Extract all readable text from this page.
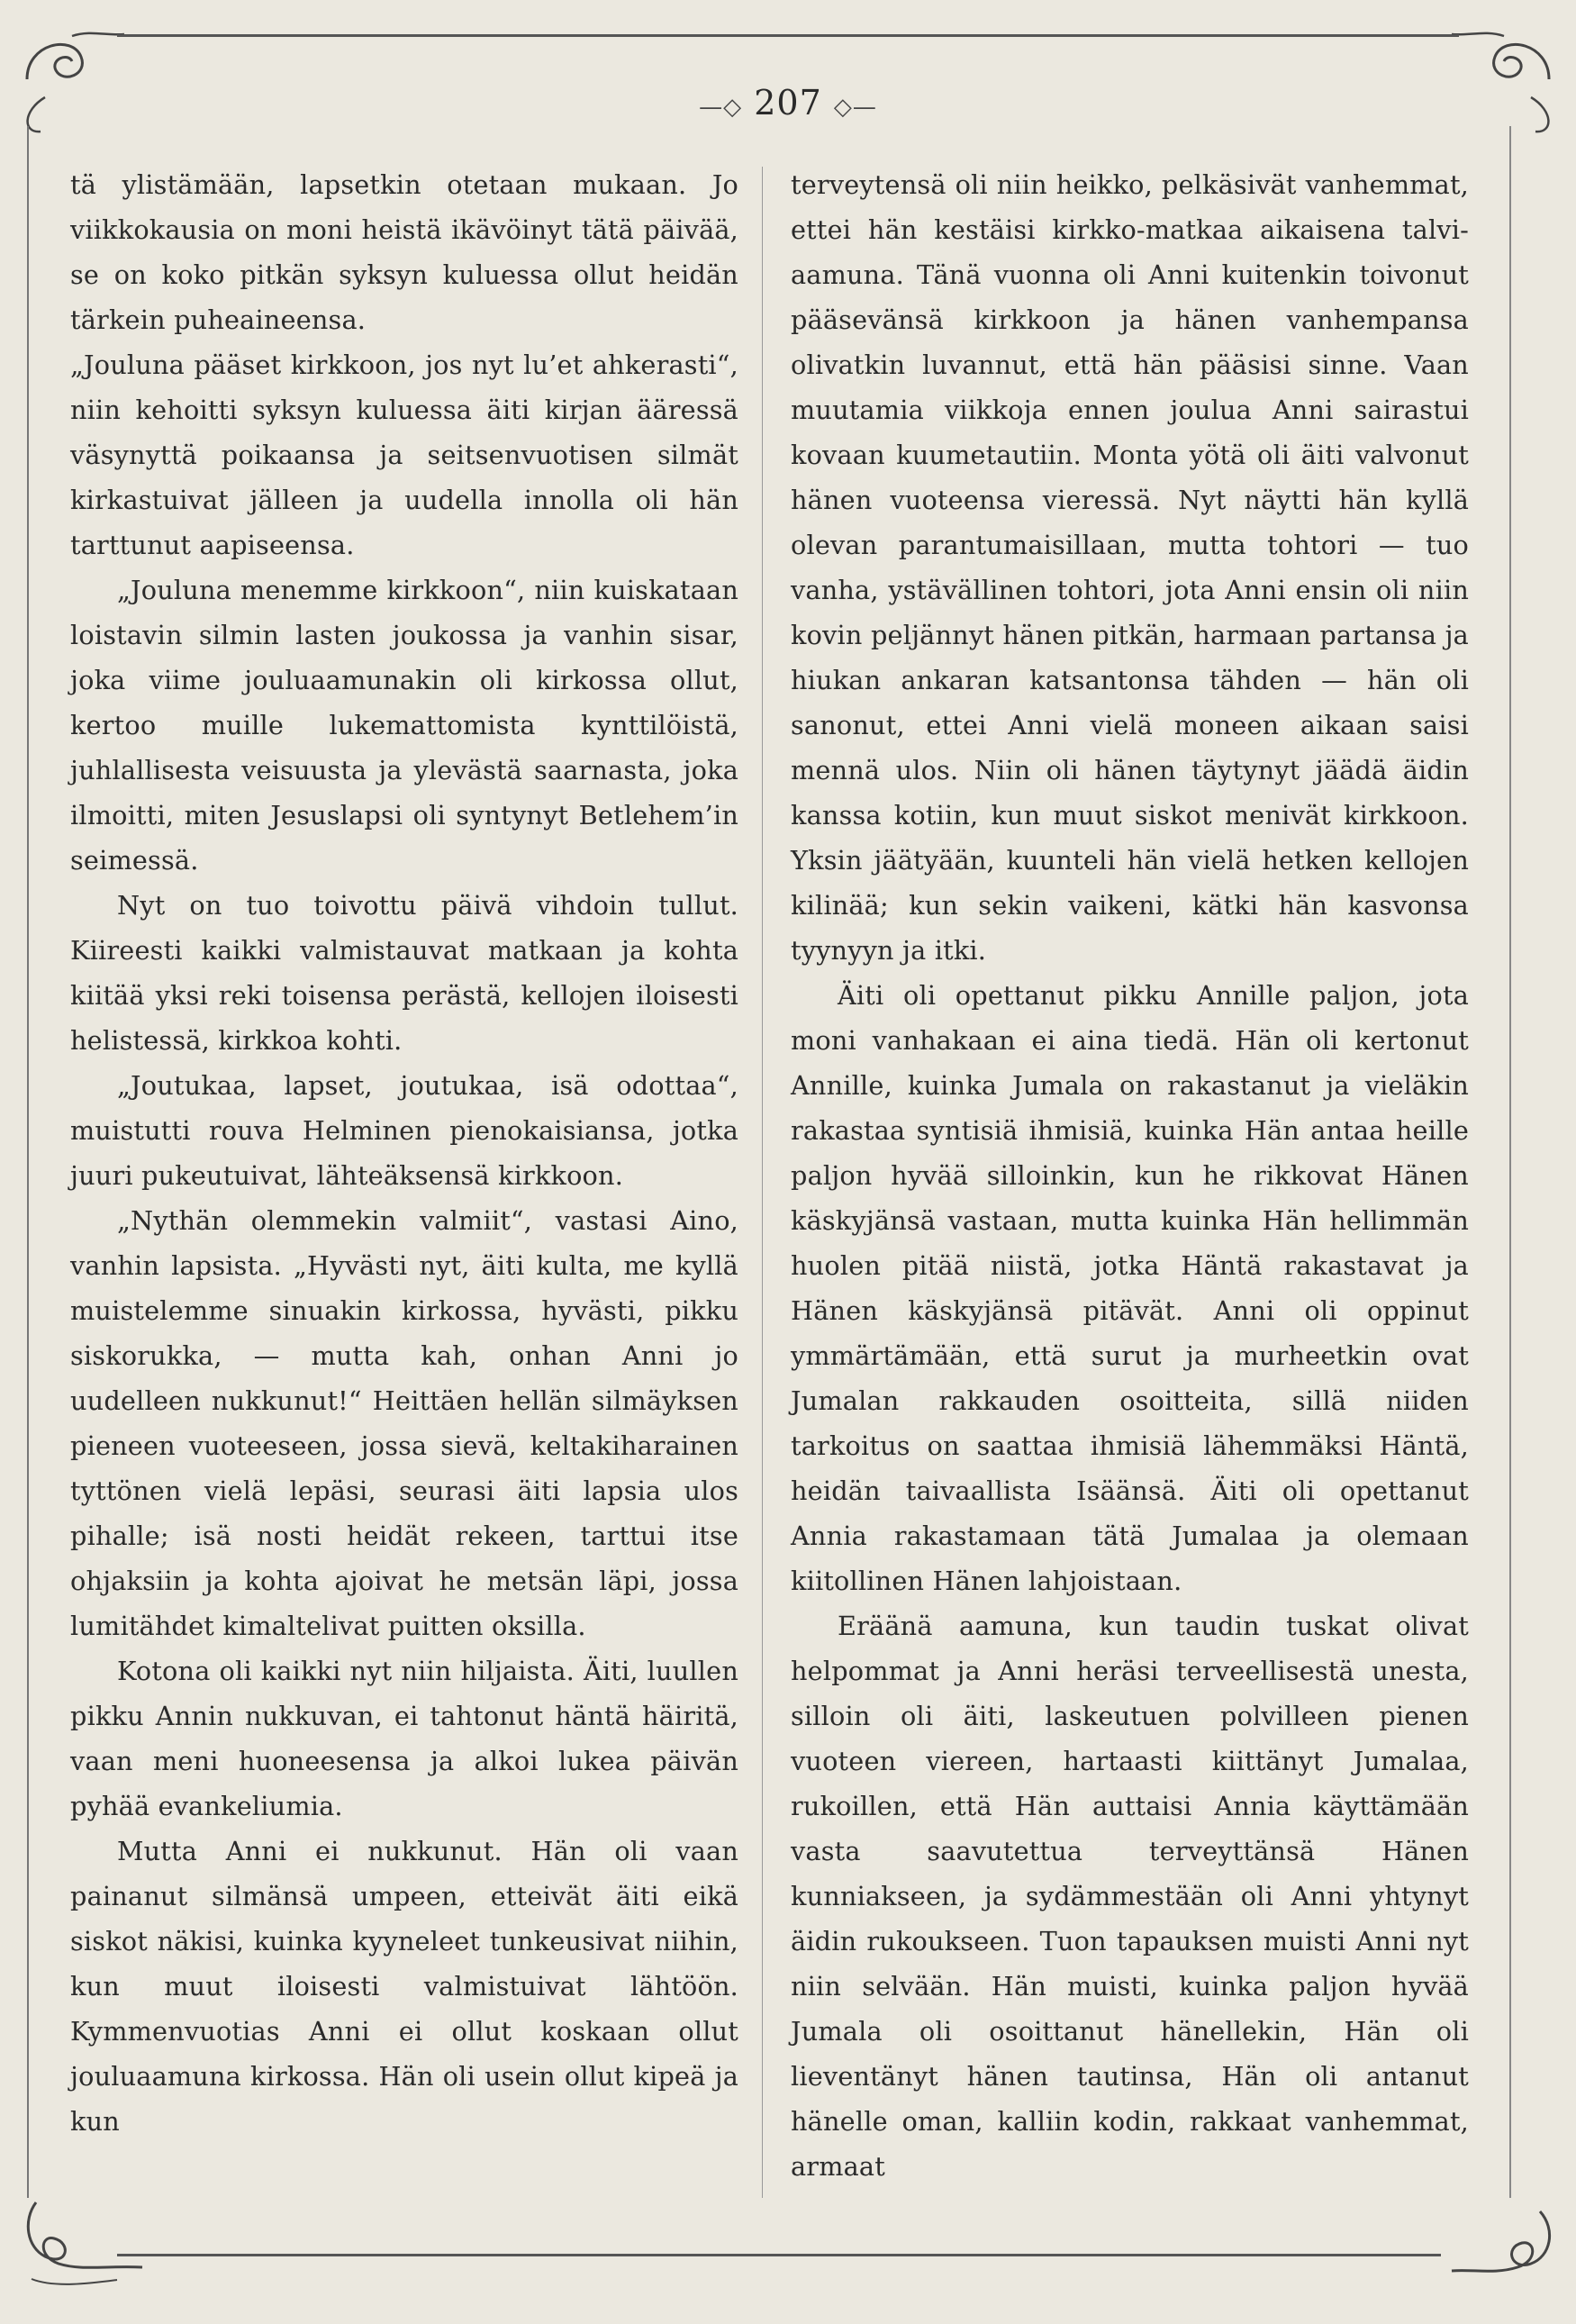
—◇ 207 ◇—

tä ylistämään, lapsetkin otetaan mukaan. Jo viikkokausia on moni heistä ikävöinyt tätä päivää, se on koko pitkän syksyn kuluessa ollut heidän tärkein puheaineensa.

„Jouluna pääset kirkkoon, jos nyt lu’et ahkerasti“, niin kehoitti syksyn kuluessa äiti kirjan ääressä väsynyttä poikaansa ja seitsenvuotisen silmät kirkastuivat jälleen ja uudella innolla oli hän tarttunut aapiseensa.

„Jouluna menemme kirkkoon“, niin kuiskataan loistavin silmin lasten joukossa ja vanhin sisar, joka viime jouluaamunakin oli kirkossa ollut, kertoo muille lukemattomista kynttilöistä, juhlallisesta veisuusta ja ylevästä saarnasta, joka ilmoitti, miten Jesuslapsi oli syntynyt Betlehem’in seimessä.

Nyt on tuo toivottu päivä vihdoin tullut. Kiireesti kaikki valmistauvat matkaan ja kohta kiitää yksi reki toisensa perästä, kellojen iloisesti helistessä, kirkkoa kohti.

„Joutukaa, lapset, joutukaa, isä odottaa“, muistutti rouva Helminen pienokaisiansa, jotka juuri pukeutuivat, lähteäksensä kirkkoon.

„Nythän olemmekin valmiit“, vastasi Aino, vanhin lapsista. „Hyvästi nyt, äiti kulta, me kyllä muistelemme sinuakin kirkossa, hyvästi, pikku siskorukka, — mutta kah, onhan Anni jo uudelleen nukkunut!“ Heittäen hellän silmäyksen pieneen vuoteeseen, jossa sievä, keltakiharainen tyttönen vielä lepäsi, seurasi äiti lapsia ulos pihalle; isä nosti heidät rekeen, tarttui itse ohjaksiin ja kohta ajoivat he metsän läpi, jossa lumitähdet kimaltelivat puitten oksilla.

Kotona oli kaikki nyt niin hiljaista. Äiti, luullen pikku Annin nukkuvan, ei tahtonut häntä häiritä, vaan meni huoneesensa ja alkoi lukea päivän pyhää evankeliumia.

Mutta Anni ei nukkunut. Hän oli vaan painanut silmänsä umpeen, etteivät äiti eikä siskot näkisi, kuinka kyyneleet tunkeusivat niihin, kun muut iloisesti valmistuivat lähtöön. Kymmenvuotias Anni ei ollut koskaan ollut jouluaamuna kirkossa. Hän oli usein ollut kipeä ja kun

terveytensä oli niin heikko, pelkäsivät vanhemmat, ettei hän kestäisi kirkko-matkaa aikaisena talvi-aamuna. Tänä vuonna oli Anni kuitenkin toivonut pääsevänsä kirkkoon ja hänen vanhempansa olivatkin luvannut, että hän pääsisi sinne. Vaan muutamia viikkoja ennen joulua Anni sairastui kovaan kuumetautiin. Monta yötä oli äiti valvonut hänen vuoteensa vieressä. Nyt näytti hän kyllä olevan parantumaisillaan, mutta tohtori — tuo vanha, ystävällinen tohtori, jota Anni ensin oli niin kovin peljännyt hänen pitkän, harmaan partansa ja hiukan ankaran katsantonsa tähden — hän oli sanonut, ettei Anni vielä moneen aikaan saisi mennä ulos. Niin oli hänen täytynyt jäädä äidin kanssa kotiin, kun muut siskot menivät kirkkoon. Yksin jäätyään, kuunteli hän vielä hetken kellojen kilinää; kun sekin vaikeni, kätki hän kasvonsa tyynyyn ja itki.

Äiti oli opettanut pikku Annille paljon, jota moni vanhakaan ei aina tiedä. Hän oli kertonut Annille, kuinka Jumala on rakastanut ja vieläkin rakastaa syntisiä ihmisiä, kuinka Hän antaa heille paljon hyvää silloinkin, kun he rikkovat Hänen käskyjänsä vastaan, mutta kuinka Hän hellimmän huolen pitää niistä, jotka Häntä rakastavat ja Hänen käskyjänsä pitävät. Anni oli oppinut ymmärtämään, että surut ja murheetkin ovat Jumalan rakkauden osoitteita, sillä niiden tarkoitus on saattaa ihmisiä lähemmäksi Häntä, heidän taivaallista Isäänsä. Äiti oli opettanut Annia rakastamaan tätä Jumalaa ja olemaan kiitollinen Hänen lahjoistaan.

Eräänä aamuna, kun taudin tuskat olivat helpommat ja Anni heräsi terveellisestä unesta, silloin oli äiti, laskeutuen polvilleen pienen vuoteen viereen, hartaasti kiittänyt Jumalaa, rukoillen, että Hän auttaisi Annia käyttämään vasta saavutettua terveyttänsä Hänen kunniakseen, ja sydämmestään oli Anni yhtynyt äidin rukoukseen. Tuon tapauksen muisti Anni nyt niin selvään. Hän muisti, kuinka paljon hyvää Jumala oli osoittanut hänellekin, Hän oli lieventänyt hänen tautinsa, Hän oli antanut hänelle oman, kalliin kodin, rakkaat vanhemmat, armaat
